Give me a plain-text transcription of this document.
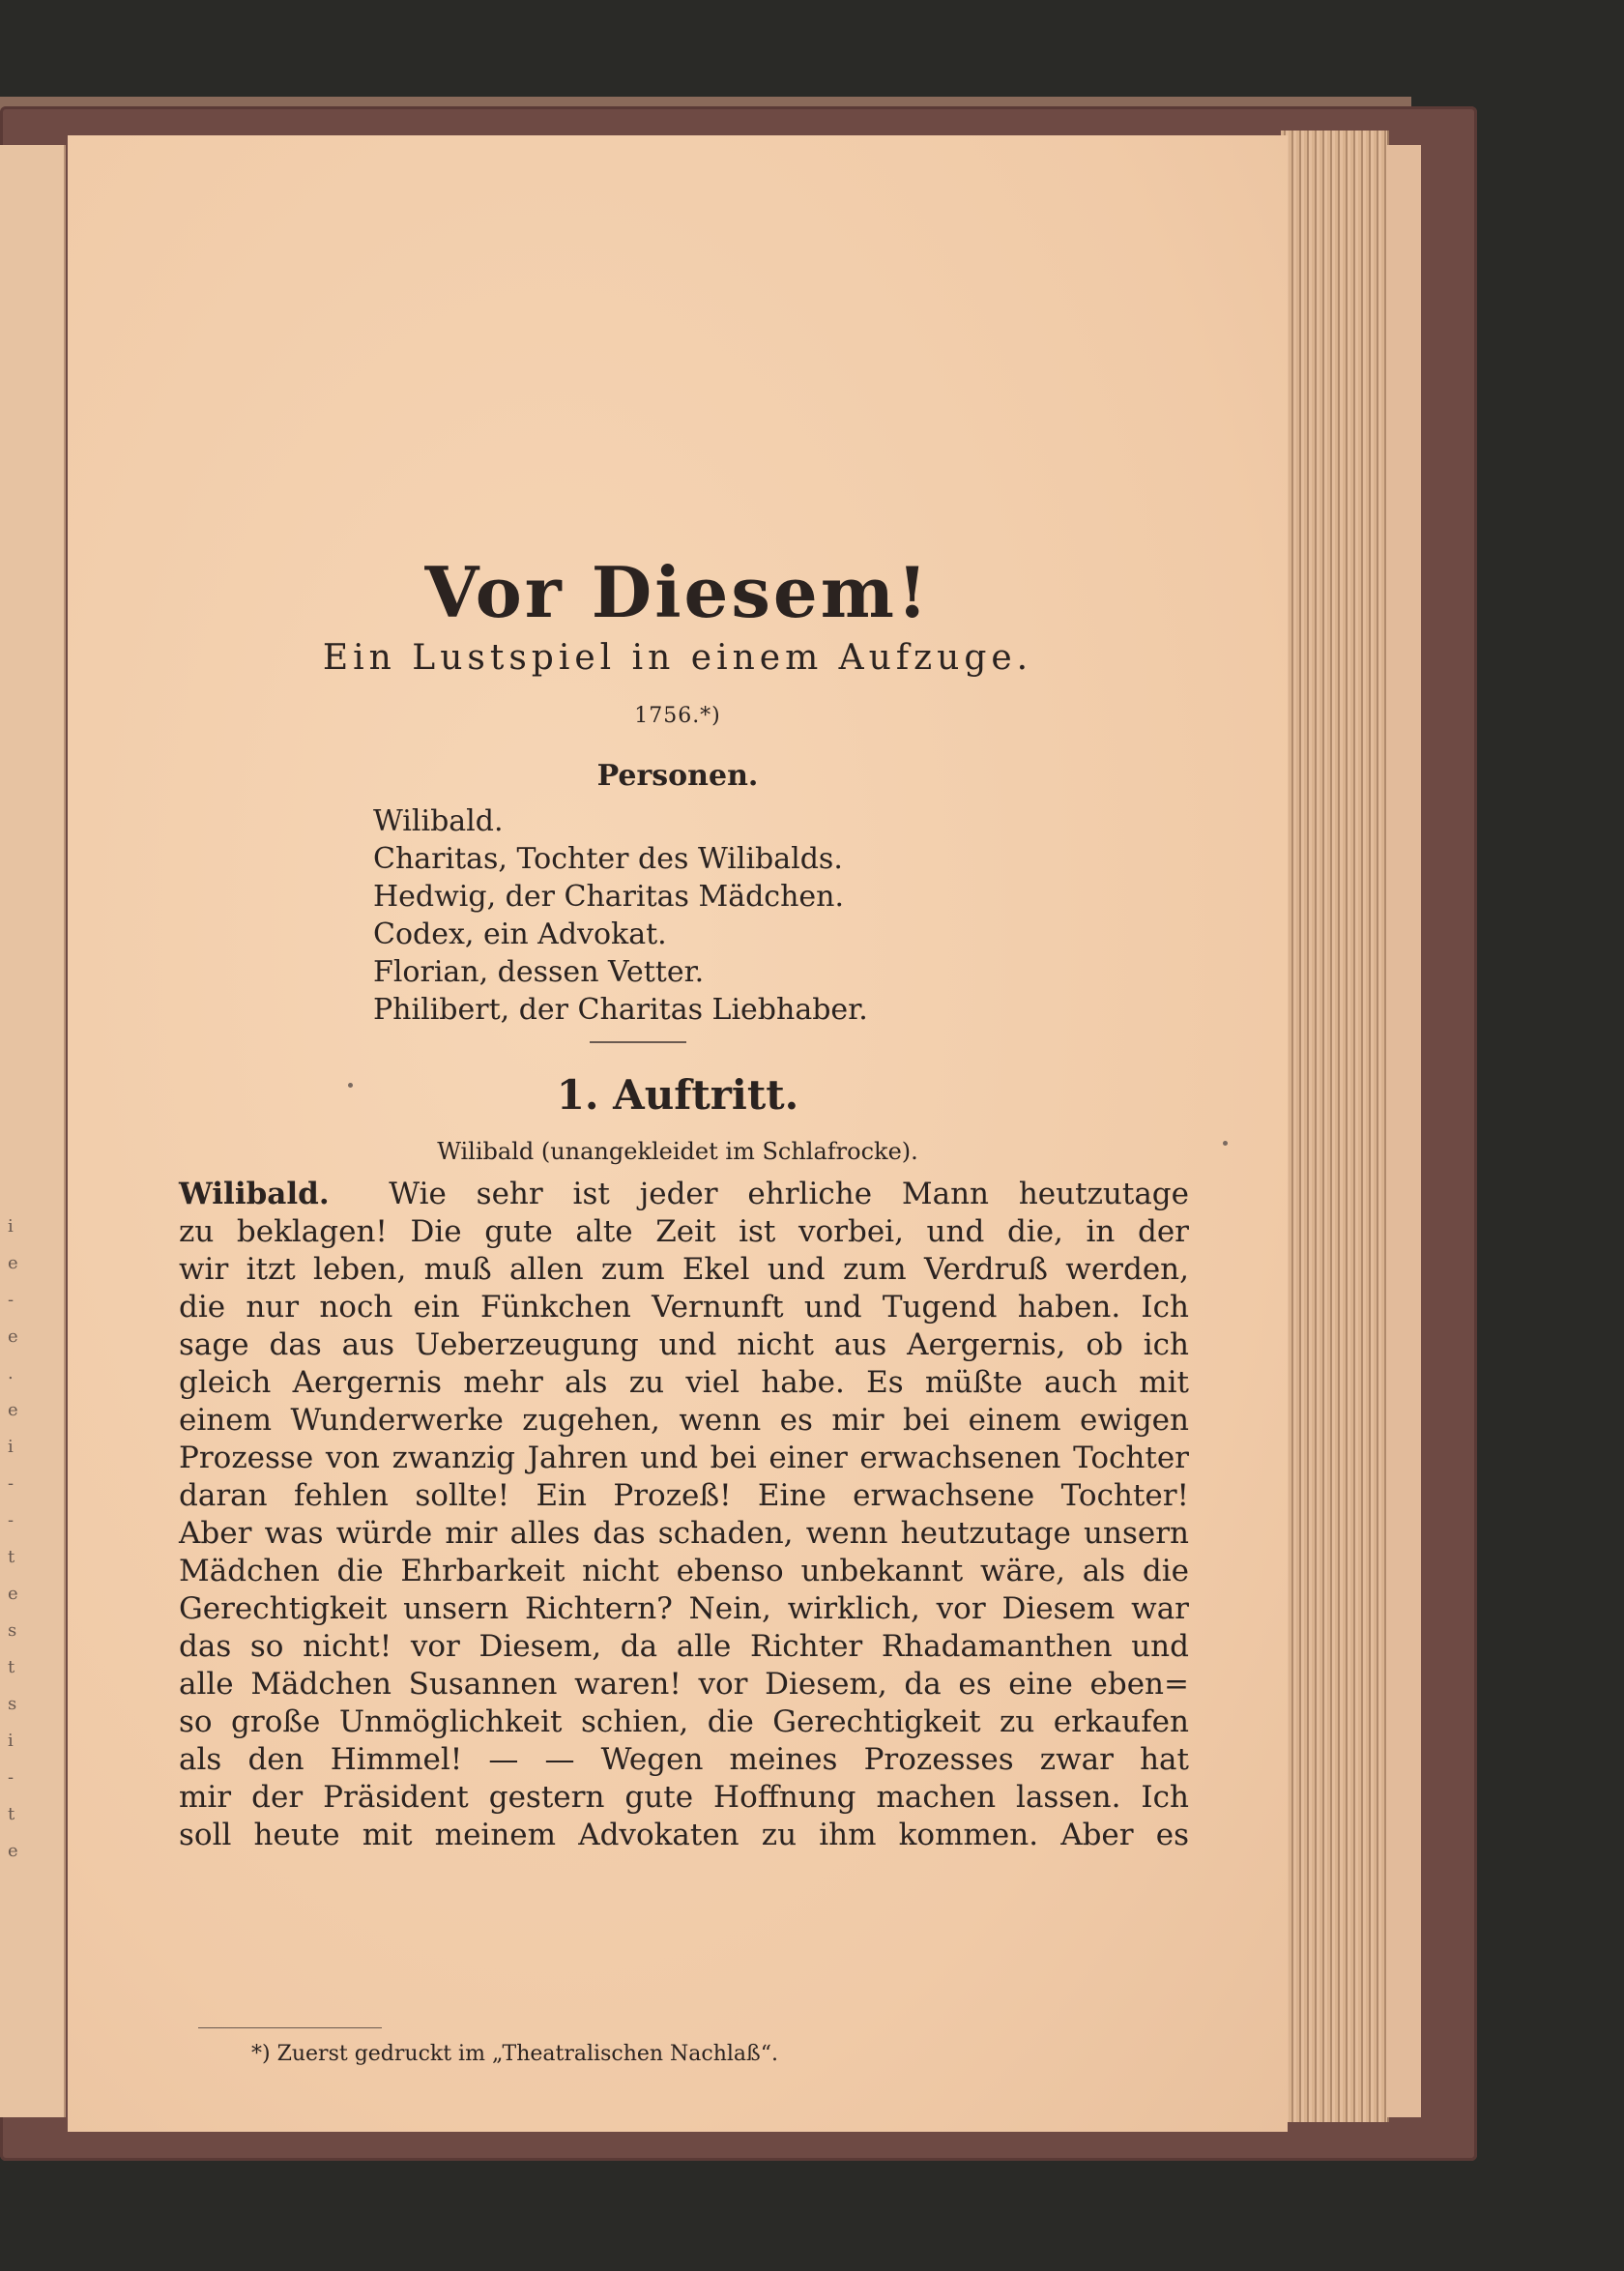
i
e
-
e
.
e
i
-
-
t
e
s
t
s
i
-
t
e
Vor Diesem!
Ein Lustspiel in einem Aufzuge.
1756.*)
Personen.
Wilibald.
Charitas, Tochter des Wilibalds.
Hedwig, der Charitas Mädchen.
Codex, ein Advokat.
Florian, dessen Vetter.
Philibert, der Charitas Liebhaber.
1. Auftritt.
Wilibald (unangekleidet im Schlafrocke).
Wilibald. Wie sehr ist jeder ehrliche Mann heutzutage
zu beklagen! Die gute alte Zeit ist vorbei, und die, in der
wir itzt leben, muß allen zum Ekel und zum Verdruß werden,
die nur noch ein Fünkchen Vernunft und Tugend haben. Ich
sage das aus Ueberzeugung und nicht aus Aergernis, ob ich
gleich Aergernis mehr als zu viel habe. Es müßte auch mit
einem Wunderwerke zugehen, wenn es mir bei einem ewigen
Prozesse von zwanzig Jahren und bei einer erwachsenen Tochter
daran fehlen sollte! Ein Prozeß! Eine erwachsene Tochter!
Aber was würde mir alles das schaden, wenn heutzutage unsern
Mädchen die Ehrbarkeit nicht ebenso unbekannt wäre, als die
Gerechtigkeit unsern Richtern? Nein, wirklich, vor Diesem war
das so nicht! vor Diesem, da alle Richter Rhadamanthen und
alle Mädchen Susannen waren! vor Diesem, da es eine eben=
so große Unmöglichkeit schien, die Gerechtigkeit zu erkaufen
als den Himmel! — — Wegen meines Prozesses zwar hat
mir der Präsident gestern gute Hoffnung machen lassen. Ich
soll heute mit meinem Advokaten zu ihm kommen. Aber es
*) Zuerst gedruckt im „Theatralischen Nachlaß“.
